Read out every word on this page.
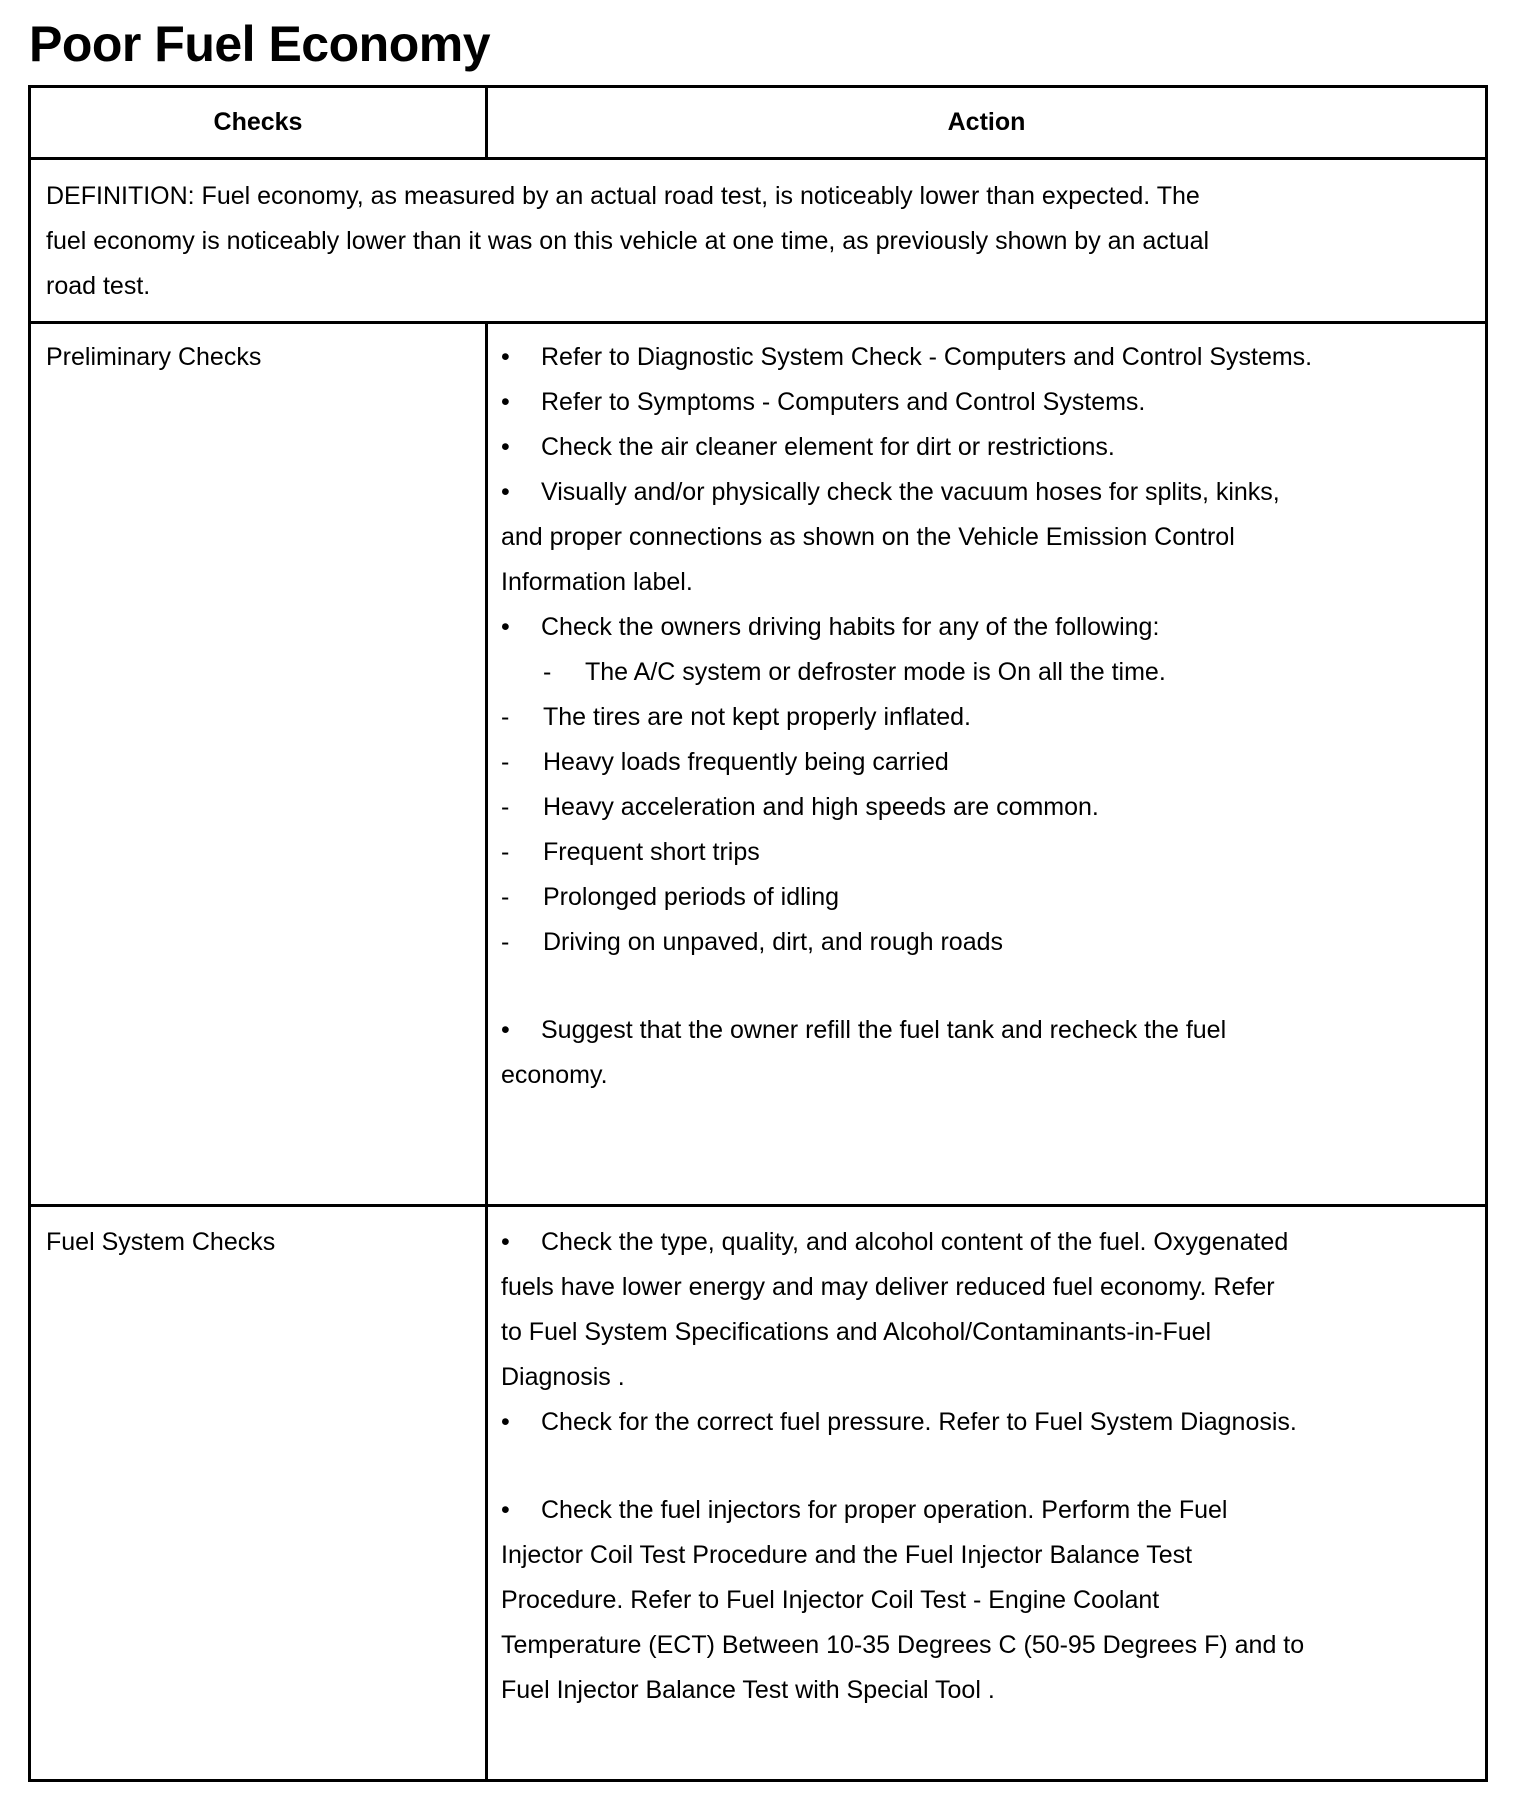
Poor Fuel Economy
Checks	Action
DEFINITION: Fuel economy, as measured by an actual road test, is noticeably lower than expected. The
fuel economy is noticeably lower than it was on this vehicle at one time, as previously shown by an actual
road test.
Preliminary Checks	• Refer to Diagnostic System Check - Computers and Control Systems.
• Refer to Symptoms - Computers and Control Systems.
• Check the air cleaner element for dirt or restrictions.
• Visually and/or physically check the vacuum hoses for splits, kinks,
and proper connections as shown on the Vehicle Emission Control
Information label.
• Check the owners driving habits for any of the following:
- The A/C system or defroster mode is On all the time.
- The tires are not kept properly inflated.
- Heavy loads frequently being carried
- Heavy acceleration and high speeds are common.
- Frequent short trips
- Prolonged periods of idling
- Driving on unpaved, dirt, and rough roads
• Suggest that the owner refill the fuel tank and recheck the fuel
economy.
Fuel System Checks	• Check the type, quality, and alcohol content of the fuel. Oxygenated
fuels have lower energy and may deliver reduced fuel economy. Refer
to Fuel System Specifications and Alcohol/Contaminants-in-Fuel
Diagnosis .
• Check for the correct fuel pressure. Refer to Fuel System Diagnosis.
• Check the fuel injectors for proper operation. Perform the Fuel
Injector Coil Test Procedure and the Fuel Injector Balance Test
Procedure. Refer to Fuel Injector Coil Test - Engine Coolant
Temperature (ECT) Between 10-35 Degrees C (50-95 Degrees F) and to
Fuel Injector Balance Test with Special Tool .
